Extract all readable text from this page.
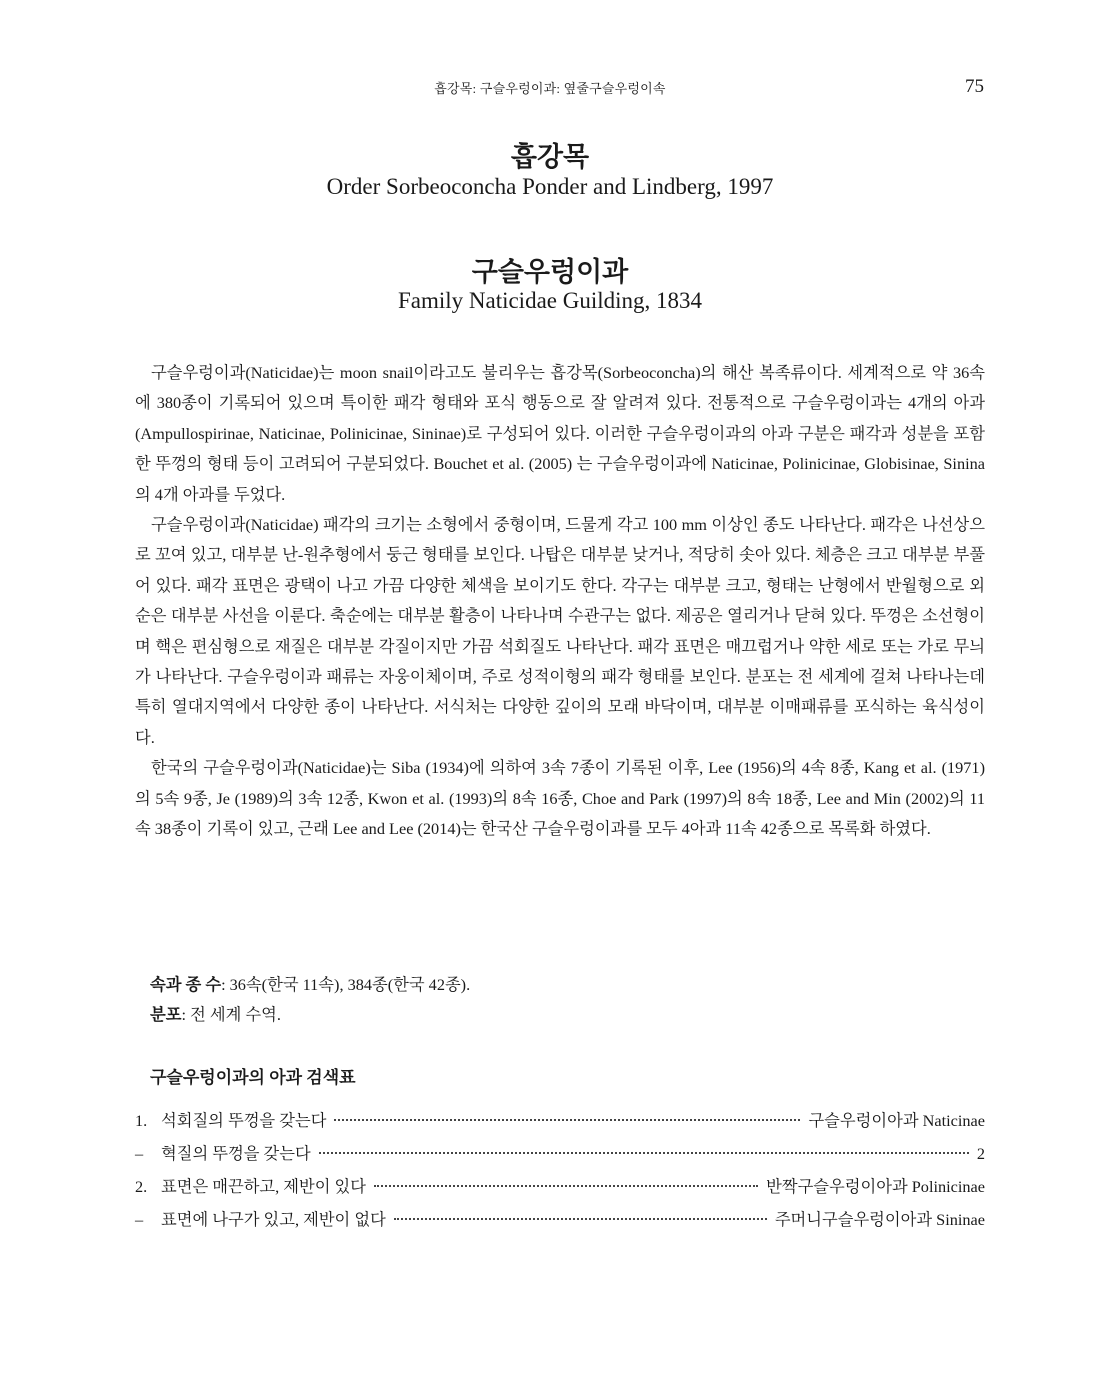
흡강목: 구슬우렁이과: 옆줄구슬우렁이속	75
흡강목
Order Sorbeoconcha Ponder and Lindberg, 1997
구슬우렁이과
Family Naticidae Guilding, 1834

구슬우렁이과(Naticidae)는 moon snail이라고도 불리우는 흡강목(Sorbeoconcha)의 해산 복족류이다. 세계적으로 약 36속에 380종이 기록되어 있으며 특이한 패각 형태와 포식 행동으로 잘 알려져 있다. 전통적으로 구슬우렁이과는 4개의 아과(Ampullospirinae, Naticinae, Polinicinae, Sininae)로 구성되어 있다. 이러한 구슬우렁이과의 아과 구분은 패각과 성분을 포함한 뚜껑의 형태 등이 고려되어 구분되었다. Bouchet et al. (2005) 는 구슬우렁이과에 Naticinae, Polinicinae, Globisinae, Sinina의 4개 아과를 두었다.

구슬우렁이과(Naticidae) 패각의 크기는 소형에서 중형이며, 드물게 각고 100 mm 이상인 종도 나타난다. 패각은 나선상으로 꼬여 있고, 대부분 난-원추형에서 둥근 형태를 보인다. 나탑은 대부분 낮거나, 적당히 솟아 있다. 체층은 크고 대부분 부풀어 있다. 패각 표면은 광택이 나고 가끔 다양한 체색을 보이기도 한다. 각구는 대부분 크고, 형태는 난형에서 반월형으로 외순은 대부분 사선을 이룬다. 축순에는 대부분 활층이 나타나며 수관구는 없다. 제공은 열리거나 닫혀 있다. 뚜껑은 소선형이며 핵은 편심형으로 재질은 대부분 각질이지만 가끔 석회질도 나타난다. 패각 표면은 매끄럽거나 약한 세로 또는 가로 무늬가 나타난다. 구슬우렁이과 패류는 자웅이체이며, 주로 성적이형의 패각 형태를 보인다. 분포는 전 세계에 걸쳐 나타나는데 특히 열대지역에서 다양한 종이 나타난다. 서식처는 다양한 깊이의 모래 바닥이며, 대부분 이매패류를 포식하는 육식성이다.

한국의 구슬우렁이과(Naticidae)는 Siba (1934)에 의하여 3속 7종이 기록된 이후, Lee (1956)의 4속 8종, Kang et al. (1971)의 5속 9종, Je (1989)의 3속 12종, Kwon et al. (1993)의 8속 16종, Choe and Park (1997)의 8속 18종, Lee and Min (2002)의 11속 38종이 기록이 있고, 근래 Lee and Lee (2014)는 한국산 구슬우렁이과를 모두 4아과 11속 42종으로 목록화 하였다.

속과 종 수: 36속(한국 11속), 384종(한국 42종).
분포: 전 세계 수역.
구슬우렁이과의 아과 검색표
1. 석회질의 뚜껑을 갖는다	구슬우렁이아과 Naticinae
–	혁질의 뚜껑을 갖는다	2
2. 표면은 매끈하고, 제반이 있다	반짝구슬우렁이아과 Polinicinae
–	표면에 나구가 있고, 제반이 없다	주머니구슬우렁이아과 Sininae
